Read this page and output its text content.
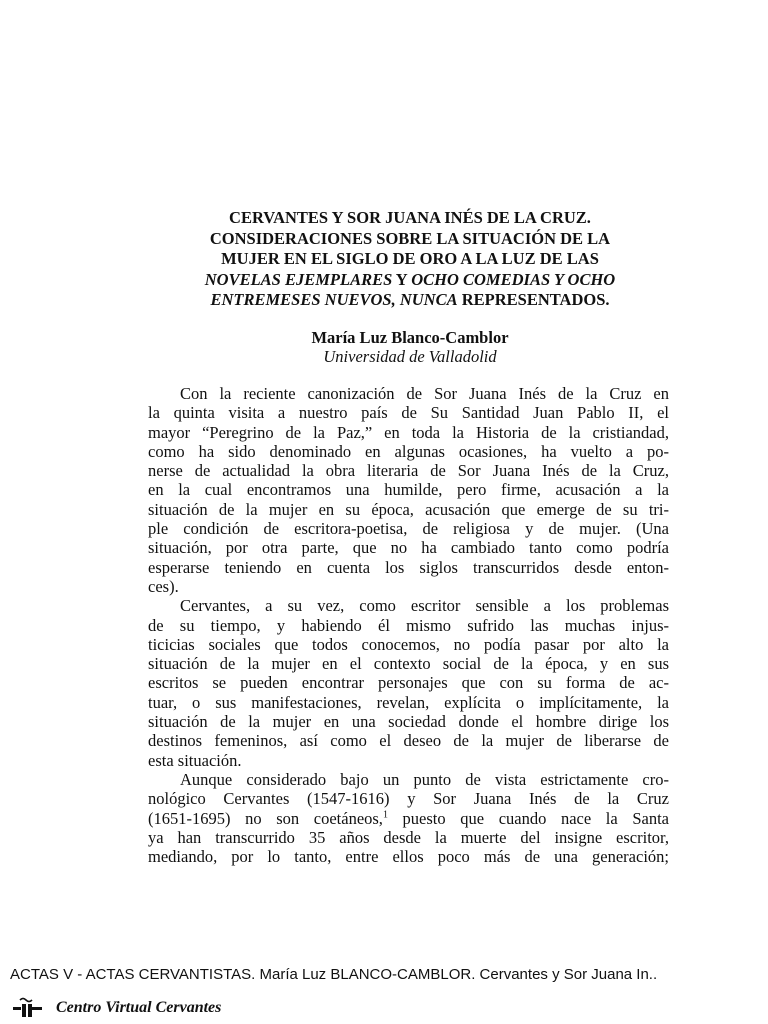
CERVANTES Y SOR JUANA INÉS DE LA CRUZ.
CONSIDERACIONES SOBRE LA SITUACIÓN DE LA
MUJER EN EL SIGLO DE ORO A LA LUZ DE LAS
NOVELAS EJEMPLARES Y OCHO COMEDIAS Y OCHO
ENTREMESES NUEVOS, NUNCA REPRESENTADOS.
María Luz Blanco-Camblor
Universidad de Valladolid
Con la reciente canonización de Sor Juana Inés de la Cruz en
la quinta visita a nuestro país de Su Santidad Juan Pablo II, el
mayor “Peregrino de la Paz,” en toda la Historia de la cristiandad,
como ha sido denominado en algunas ocasiones, ha vuelto a po-
nerse de actualidad la obra literaria de Sor Juana Inés de la Cruz,
en la cual encontramos una humilde, pero firme, acusación a la
situación de la mujer en su época, acusación que emerge de su tri-
ple condición de escritora-poetisa, de religiosa y de mujer. (Una
situación, por otra parte, que no ha cambiado tanto como podría
esperarse teniendo en cuenta los siglos transcurridos desde enton-
ces).
Cervantes, a su vez, como escritor sensible a los problemas
de su tiempo, y habiendo él mismo sufrido las muchas injus-
ticicias sociales que todos conocemos, no podía pasar por alto la
situación de la mujer en el contexto social de la época, y en sus
escritos se pueden encontrar personajes que con su forma de ac-
tuar, o sus manifestaciones, revelan, explícita o implícitamente, la
situación de la mujer en una sociedad donde el hombre dirige los
destinos femeninos, así como el deseo de la mujer de liberarse de
esta situación.
Aunque considerado bajo un punto de vista estrictamente cro-
nológico Cervantes (1547-1616) y Sor Juana Inés de la Cruz
(1651-1695) no son coetáneos,$^1$ puesto que cuando nace la Santa
ya han transcurrido 35 años desde la muerte del insigne escritor,
mediando, por lo tanto, entre ellos poco más de una generación;
ACTAS V - ACTAS CERVANTISTAS. María Luz BLANCO-CAMBLOR. Cervantes y Sor Juana In..
Centro Virtual Cervantes
